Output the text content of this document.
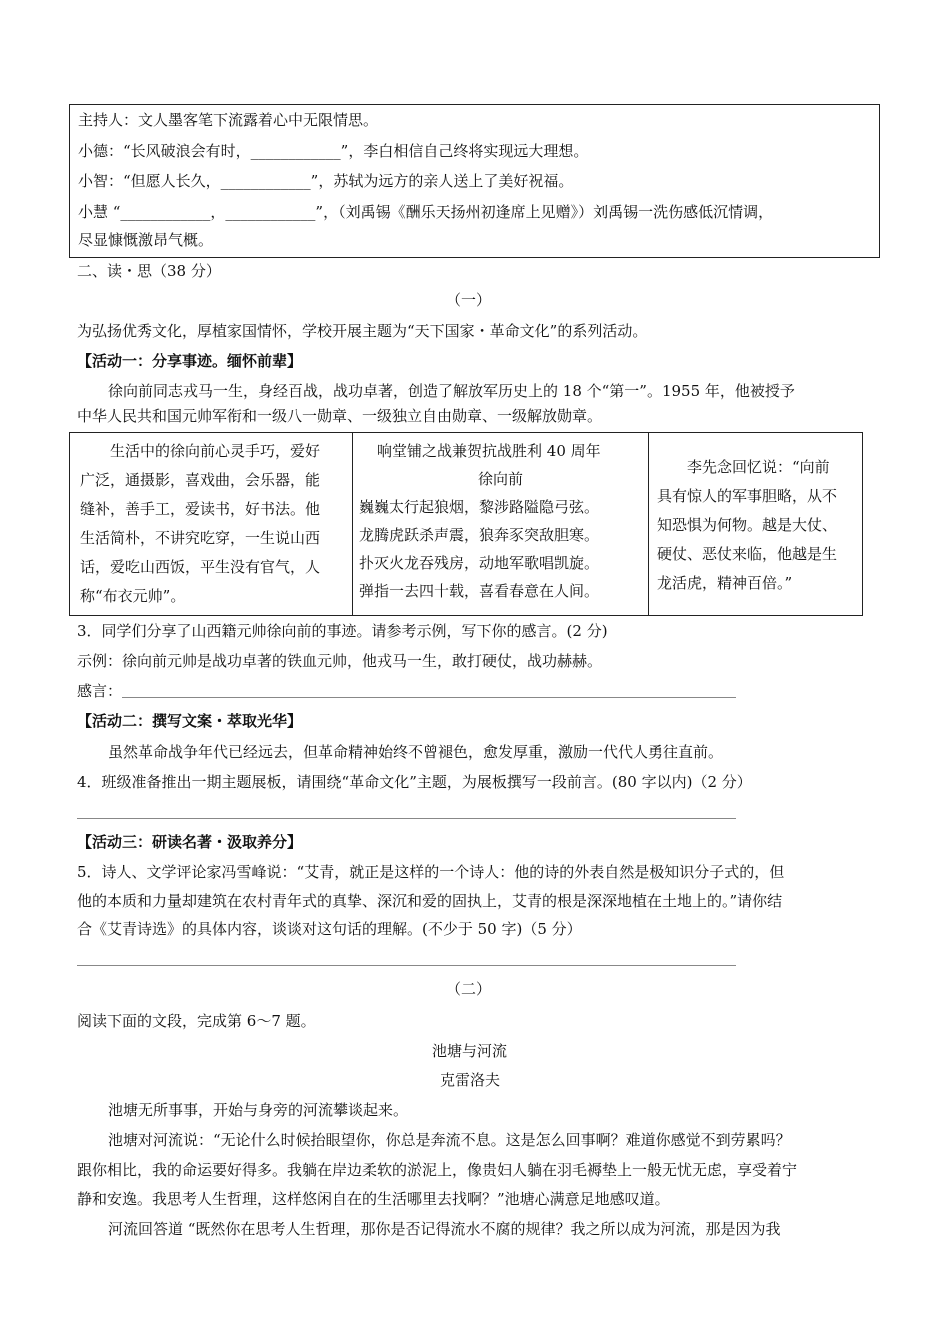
主持人：文人墨客笔下流露着心中无限情思。
小德：“长风破浪会有时，____________”，李白相信自己终将实现远大理想。
小智：“但愿人长久，____________”，苏轼为远方的亲人送上了美好祝福。
小慧 “____________，____________”，（刘禹锡《酬乐天扬州初逢席上见赠》）刘禹锡一洗伤感低沉情调，
尽显慷慨激昂气概。
二、读・思（38 分）
（一）
为弘扬优秀文化，厚植家国情怀，学校开展主题为“天下国家・革命文化”的系列活动。
【活动一：分享事迹。缅怀前辈】
徐向前同志戎马一生，身经百战，战功卓著，创造了解放军历史上的 18 个“第一”。1955 年，他被授予
中华人民共和国元帅军衔和一级八一勋章、一级独立自由勋章、一级解放勋章。
生活中的徐向前心灵手巧，爱好
广泛，通摄影，喜戏曲，会乐器，能
缝补，善手工，爱读书，好书法。他
生活简朴，不讲究吃穿，一生说山西
话，爱吃山西饭，平生没有官气，人
称“布衣元帅”。
响堂铺之战兼贺抗战胜利 40 周年
徐向前
巍巍太行起狼烟，黎涉路隘隐弓弦。
龙腾虎跃杀声震，狼奔豕突敌胆寒。
扑灭火龙吞残房，动地军歌唱凯旋。
弹指一去四十载，喜看春意在人间。
李先念回忆说：“向前
具有惊人的军事胆略，从不
知恐惧为何物。越是大仗、
硬仗、恶仗来临，他越是生
龙活虎，精神百倍。”
3．同学们分享了山西籍元帅徐向前的事迹。请参考示例，写下你的感言。(2 分)
示例：徐向前元帅是战功卓著的铁血元帅，他戎马一生，敢打硬仗，战功赫赫。
感言：
【活动二：撰写文案・萃取光华】
虽然革命战争年代已经远去，但革命精神始终不曾褪色，愈发厚重，激励一代代人勇往直前。
4．班级准备推出一期主题展板，请围绕“革命文化”主题，为展板撰写一段前言。(80 字以内)（2 分）
【活动三：研读名著・汲取养分】
5．诗人、文学评论家冯雪峰说：“艾青，就正是这样的一个诗人：他的诗的外表自然是极知识分子式的，但
他的本质和力量却建筑在农村青年式的真挚、深沉和爱的固执上，艾青的根是深深地植在土地上的。”请你结
合《艾青诗选》的具体内容，谈谈对这句话的理解。(不少于 50 字)（5 分）
（二）
阅读下面的文段，完成第 6～7 题。
池塘与河流
克雷洛夫
池塘无所事事，开始与身旁的河流攀谈起来。
池塘对河流说：“无论什么时候抬眼望你，你总是奔流不息。这是怎么回事啊？难道你感觉不到劳累吗？
跟你相比，我的命运要好得多。我躺在岸边柔软的淤泥上，像贵妇人躺在羽毛褥垫上一般无忧无虑，享受着宁
静和安逸。我思考人生哲理，这样悠闲自在的生活哪里去找啊？”池塘心满意足地感叹道。
河流回答道 “既然你在思考人生哲理，那你是否记得流水不腐的规律？我之所以成为河流，那是因为我
